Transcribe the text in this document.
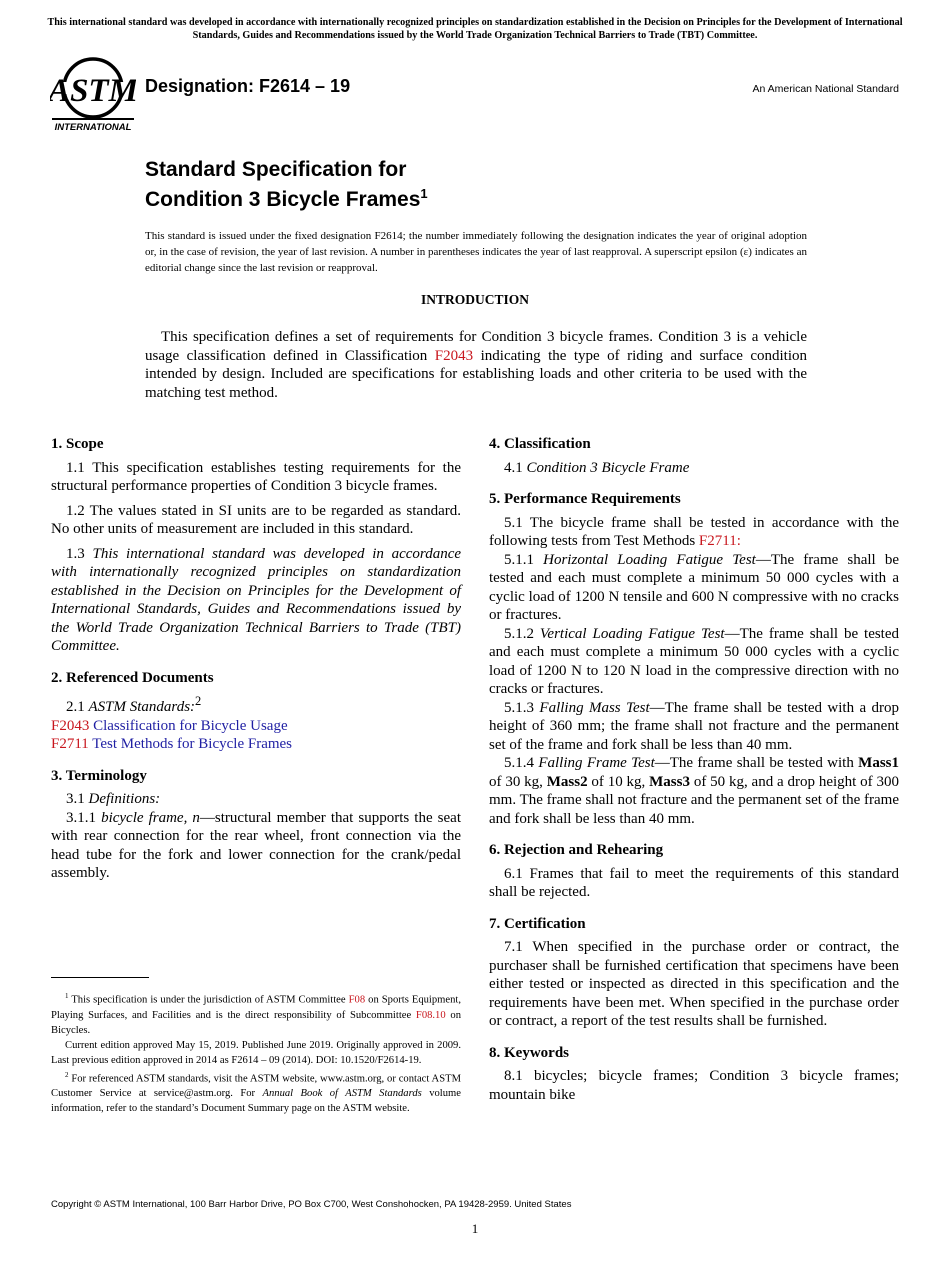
This international standard was developed in accordance with internationally recognized principles on standardization established in the Decision on Principles for the Development of International Standards, Guides and Recommendations issued by the World Trade Organization Technical Barriers to Trade (TBT) Committee.
ASTM
INTERNATIONAL
Designation: F2614 – 19	An American National Standard
Standard Specification for
Condition 3 Bicycle Frames$^1$
This standard is issued under the fixed designation F2614; the number immediately following the designation indicates the year of original adoption or, in the case of revision, the year of last revision. A number in parentheses indicates the year of last reapproval. A superscript epsilon (ε) indicates an editorial change since the last revision or reapproval.
INTRODUCTION

This specification defines a set of requirements for Condition 3 bicycle frames. Condition 3 is a vehicle usage classification defined in Classification F2043 indicating the type of riding and surface condition intended by design. Included are specifications for establishing loads and other criteria to be used with the matching test method.

1. Scope

1.1 This specification establishes testing requirements for the structural performance properties of Condition 3 bicycle frames.

1.2 The values stated in SI units are to be regarded as standard. No other units of measurement are included in this standard.

1.3 This international standard was developed in accordance with internationally recognized principles on standardization established in the Decision on Principles for the Development of International Standards, Guides and Recommendations issued by the World Trade Organization Technical Barriers to Trade (TBT) Committee.

2. Referenced Documents

2.1 ASTM Standards:$^2$

F2043 Classification for Bicycle Usage

F2711 Test Methods for Bicycle Frames

3. Terminology

3.1 Definitions:

3.1.1 bicycle frame, n—structural member that supports the seat with rear connection for the rear wheel, front connection via the head tube for the fork and lower connection for the crank/pedal assembly.

$^1$ This specification is under the jurisdiction of ASTM Committee F08 on Sports Equipment, Playing Surfaces, and Facilities and is the direct responsibility of Subcommittee F08.10 on Bicycles.

Current edition approved May 15, 2019. Published June 2019. Originally approved in 2009. Last previous edition approved in 2014 as F2614 – 09 (2014). DOI: 10.1520/F2614-19.

$^2$ For referenced ASTM standards, visit the ASTM website, www.astm.org, or contact ASTM Customer Service at service@astm.org. For Annual Book of ASTM Standards volume information, refer to the standard’s Document Summary page on the ASTM website.

4. Classification

4.1 Condition 3 Bicycle Frame

5. Performance Requirements

5.1 The bicycle frame shall be tested in accordance with the following tests from Test Methods F2711:

5.1.1 Horizontal Loading Fatigue Test—The frame shall be tested and each must complete a minimum 50 000 cycles with a cyclic load of 1200 N tensile and 600 N compressive with no cracks or fractures.

5.1.2 Vertical Loading Fatigue Test—The frame shall be tested and each must complete a minimum 50 000 cycles with a cyclic load of 1200 N to 120 N load in the compressive direction with no cracks or fractures.

5.1.3 Falling Mass Test—The frame shall be tested with a drop height of 360 mm; the frame shall not fracture and the permanent set of the frame and fork shall be less than 40 mm.

5.1.4 Falling Frame Test—The frame shall be tested with Mass1 of 30 kg, Mass2 of 10 kg, Mass3 of 50 kg, and a drop height of 300 mm. The frame shall not fracture and the permanent set of the frame and fork shall be less than 40 mm.

6. Rejection and Rehearing

6.1 Frames that fail to meet the requirements of this standard shall be rejected.

7. Certification

7.1 When specified in the purchase order or contract, the purchaser shall be furnished certification that specimens have been either tested or inspected as directed in this specification and the requirements have been met. When specified in the purchase order or contract, a report of the test results shall be furnished.

8. Keywords

8.1 bicycles; bicycle frames; Condition 3 bicycle frames; mountain bike

Copyright © ASTM International, 100 Barr Harbor Drive, PO Box C700, West Conshohocken, PA 19428-2959. United States
1
